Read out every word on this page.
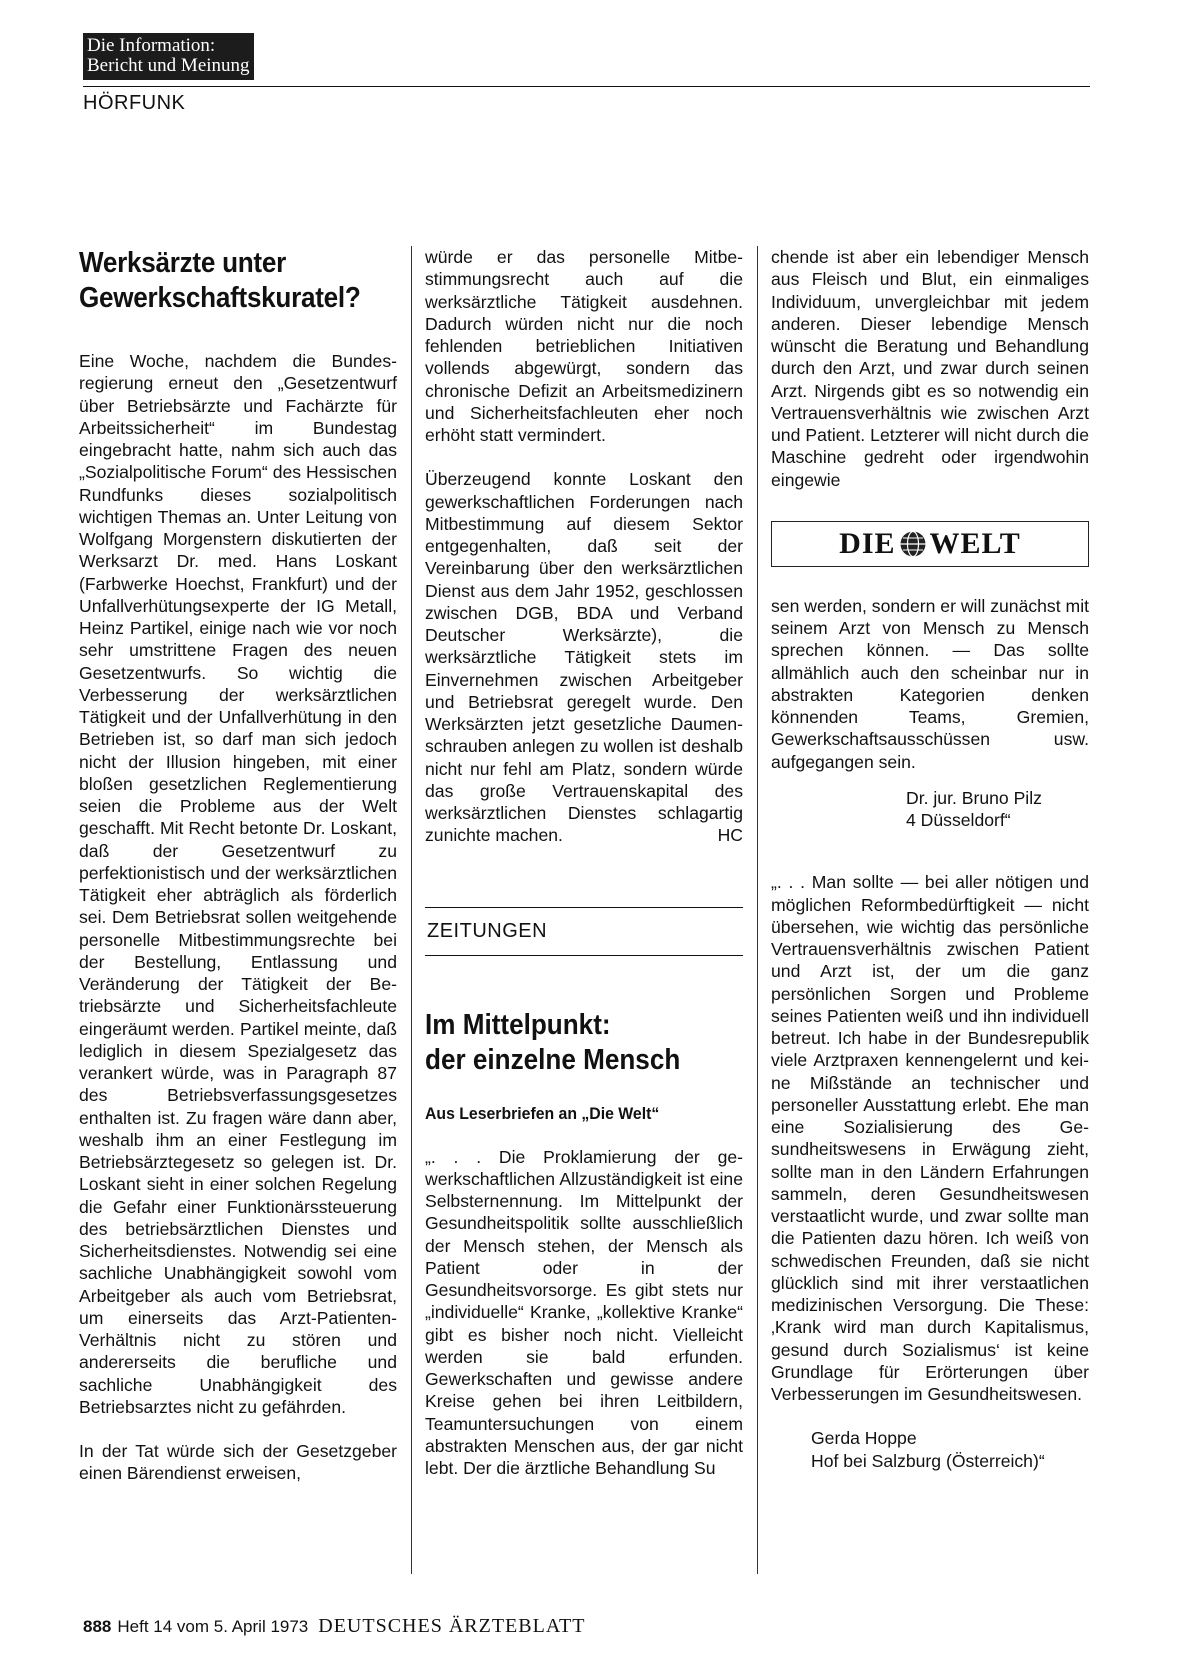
Die Information:
Bericht und Meinung
HÖRFUNK
Werksärzte unter
Gewerkschaftskuratel?

Eine Woche, nachdem die Bundesregierung erneut den „Gesetzentwurf über Betriebsärzte und Fachärzte für Arbeitssicherheit“ im Bundestag eingebracht hatte, nahm sich auch das „Sozialpolitische Forum“ des Hessischen Rundfunks dieses sozialpolitisch wichtigen Themas an. Unter Leitung von Wolfgang Morgenstern diskutierten der Werksarzt Dr. med. Hans Loskant (Farbwerke Hoechst, Frankfurt) und der Unfallverhütungsexperte der IG Metall, Heinz Partikel, einige nach wie vor noch sehr umstrittene Fragen des neuen Gesetzentwurfs. So wichtig die Verbesserung der werksärztlichen Tätigkeit und der Unfallverhütung in den Betrieben ist, so darf man sich jedoch nicht der Illusion hingeben, mit einer bloßen gesetzlichen Reglementierung seien die Probleme aus der Welt geschafft. Mit Recht betonte Dr. Loskant, daß der Gesetzentwurf zu perfektionistisch und der werksärztlichen Tätigkeit eher abträglich als förderlich sei. Dem Betriebsrat sollen weitgehende personelle Mitbestimmungsrechte bei der Bestellung, Entlassung und Veränderung der Tätigkeit der Betriebsärzte und Sicherheitsfachleute eingeräumt werden. Partikel meinte, daß lediglich in diesem Spezialgesetz das verankert würde, was in Paragraph 87 des Betriebsverfassungsgesetzes enthalten ist. Zu fragen wäre dann aber, weshalb ihm an einer Festlegung im Betriebsärztegesetz so gelegen ist. Dr. Loskant sieht in einer solchen Regelung die Gefahr einer Funktionärssteuerung des betriebsärztlichen Dienstes und Sicherheitsdienstes. Notwendig sei eine sachliche Unabhängigkeit sowohl vom Arbeitgeber als auch vom Betriebsrat, um einerseits das Arzt-Patienten-Verhältnis nicht zu stören und andererseits die berufliche und sachliche Unabhängigkeit des Betriebsarztes nicht zu gefährden.

In der Tat würde sich der Gesetzgeber einen Bärendienst erweisen,

würde er das personelle Mitbestimmungsrecht auch auf die werksärztliche Tätigkeit ausdehnen. Dadurch würden nicht nur die noch fehlenden betrieblichen Initiativen vollends abgewürgt, sondern das chronische Defizit an Arbeitsmedizinern und Sicherheitsfachleuten eher noch erhöht statt vermindert.

Überzeugend konnte Loskant den gewerkschaftlichen Forderungen nach Mitbestimmung auf diesem Sektor entgegenhalten, daß seit der Vereinbarung über den werksärztlichen Dienst aus dem Jahr 1952, geschlossen zwischen DGB, BDA und Verband Deutscher Werksärzte), die werksärztliche Tätigkeit stets im Einvernehmen zwischen Arbeitgeber und Betriebsrat geregelt wurde. Den Werksärzten jetzt gesetzliche Daumenschrauben anlegen zu wollen ist deshalb nicht nur fehl am Platz, sondern würde das große Vertrauenskapital des werksärztlichen Dienstes schlagartig zunichte machen.	HC

ZEITUNGEN
Im Mittelpunkt:
der einzelne Mensch
Aus Leserbriefen an „Die Welt“

„. . . Die Proklamierung der gewerkschaftlichen Allzuständigkeit ist eine Selbsternennung. Im Mittelpunkt der Gesundheitspolitik sollte ausschließlich der Mensch stehen, der Mensch als Patient oder in der Gesundheitsvorsorge. Es gibt stets nur „individuelle“ Kranke, „kollektive Kranke“ gibt es bisher noch nicht. Vielleicht werden sie bald erfunden. Gewerkschaften und gewisse andere Kreise gehen bei ihren Leitbildern, Teamuntersuchungen von einem abstrakten Menschen aus, der gar nicht lebt. Der die ärztliche Behandlung Su

chende ist aber ein lebendiger Mensch aus Fleisch und Blut, ein einmaliges Individuum, unvergleichbar mit jedem anderen. Dieser lebendige Mensch wünscht die Beratung und Behandlung durch den Arzt, und zwar durch seinen Arzt. Nirgends gibt es so notwendig ein Vertrauensverhältnis wie zwischen Arzt und Patient. Letzterer will nicht durch die Maschine gedreht oder irgendwohin eingewie

DIE WELT

sen werden, sondern er will zunächst mit seinem Arzt von Mensch zu Mensch sprechen können. — Das sollte allmählich auch den scheinbar nur in abstrakten Kategorien denken könnenden Teams, Gremien, Gewerkschaftsausschüssen usw. aufgegangen sein.

Dr. jur. Bruno Pilz
4 Düsseldorf“

„. . . Man sollte — bei aller nötigen und möglichen Reformbedürftigkeit — nicht übersehen, wie wichtig das persönliche Vertrauensverhältnis zwischen Patient und Arzt ist, der um die ganz persönlichen Sorgen und Probleme seines Patienten weiß und ihn individuell betreut. Ich habe in der Bundesrepublik viele Arztpraxen kennengelernt und keine Mißstände an technischer und personeller Ausstattung erlebt. Ehe man eine Sozialisierung des Gesundheitswesens in Erwägung zieht, sollte man in den Ländern Erfahrungen sammeln, deren Gesundheitswesen verstaatlicht wurde, und zwar sollte man die Patienten dazu hören. Ich weiß von schwedischen Freunden, daß sie nicht glücklich sind mit ihrer verstaatlichen medizinischen Versorgung. Die These: ‚Krank wird man durch Kapitalismus, gesund durch Sozialismus‘ ist keine Grundlage für Erörterungen über Verbesserungen im Gesundheitswesen.

Gerda Hoppe
Hof bei Salzburg (Österreich)“
888 Heft 14 vom 5. April 1973 DEUTSCHES ÄRZTEBLATT
